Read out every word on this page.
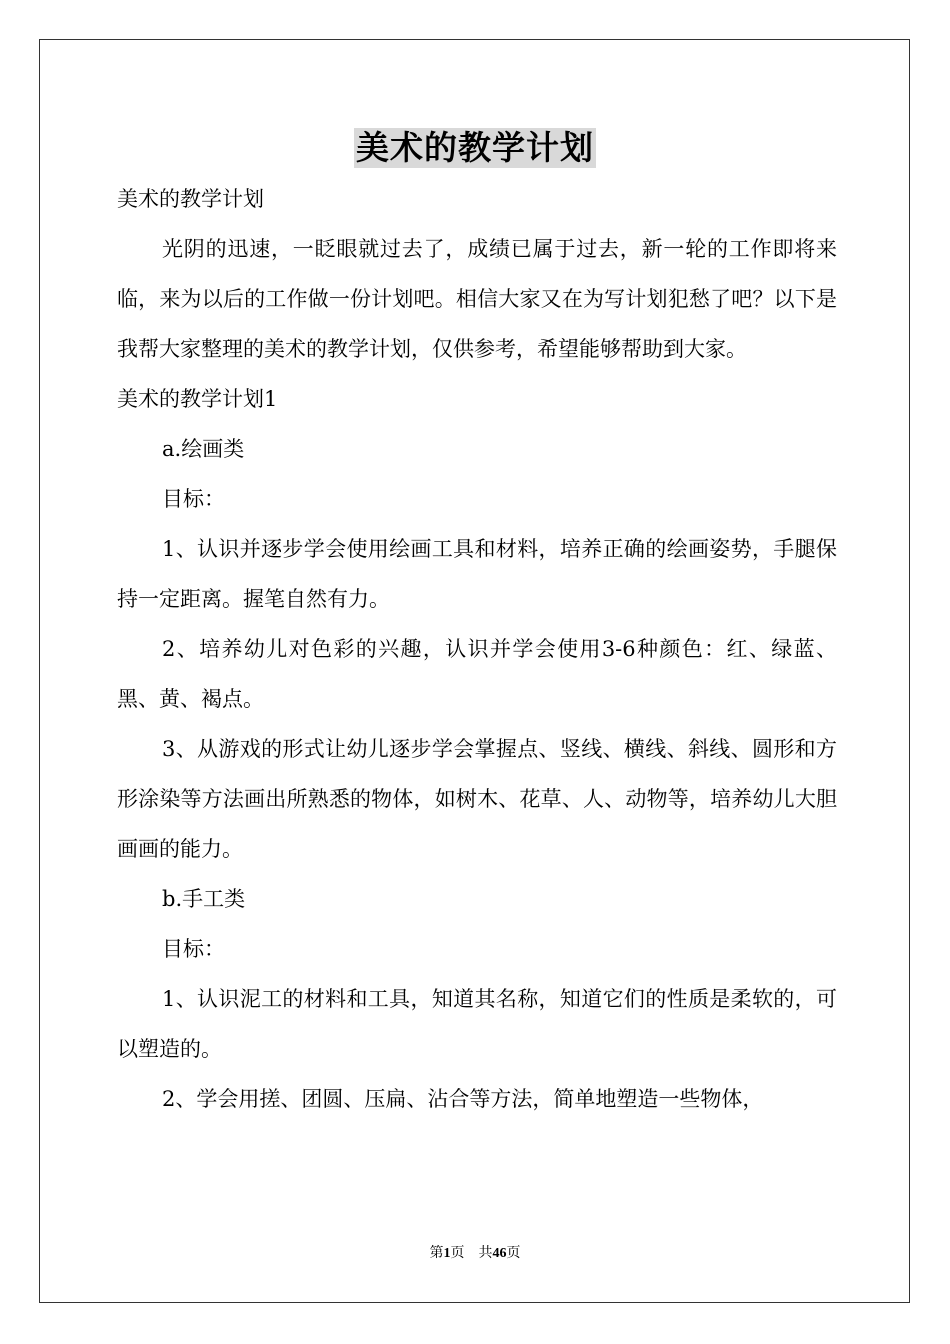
美术的教学计划

美术的教学计划

光阴的迅速，一眨眼就过去了，成绩已属于过去，新一轮的工作即将来临，来为以后的工作做一份计划吧。相信大家又在为写计划犯愁了吧？以下是我帮大家整理的美术的教学计划，仅供参考，希望能够帮助到大家。

美术的教学计划1

a.绘画类

目标：

1、认识并逐步学会使用绘画工具和材料，培养正确的绘画姿势，手腿保持一定距离。握笔自然有力。

2、培养幼儿对色彩的兴趣，认识并学会使用3-6种颜色：红、绿蓝、黑、黄、褐点。

3、从游戏的形式让幼儿逐步学会掌握点、竖线、横线、斜线、圆形和方形涂染等方法画出所熟悉的物体，如树木、花草、人、动物等，培养幼儿大胆画画的能力。

b.手工类

目标：

1、认识泥工的材料和工具，知道其名称，知道它们的性质是柔软的，可以塑造的。

2、学会用搓、团圆、压扁、沾合等方法，简单地塑造一些物体，

第1页　共46页
